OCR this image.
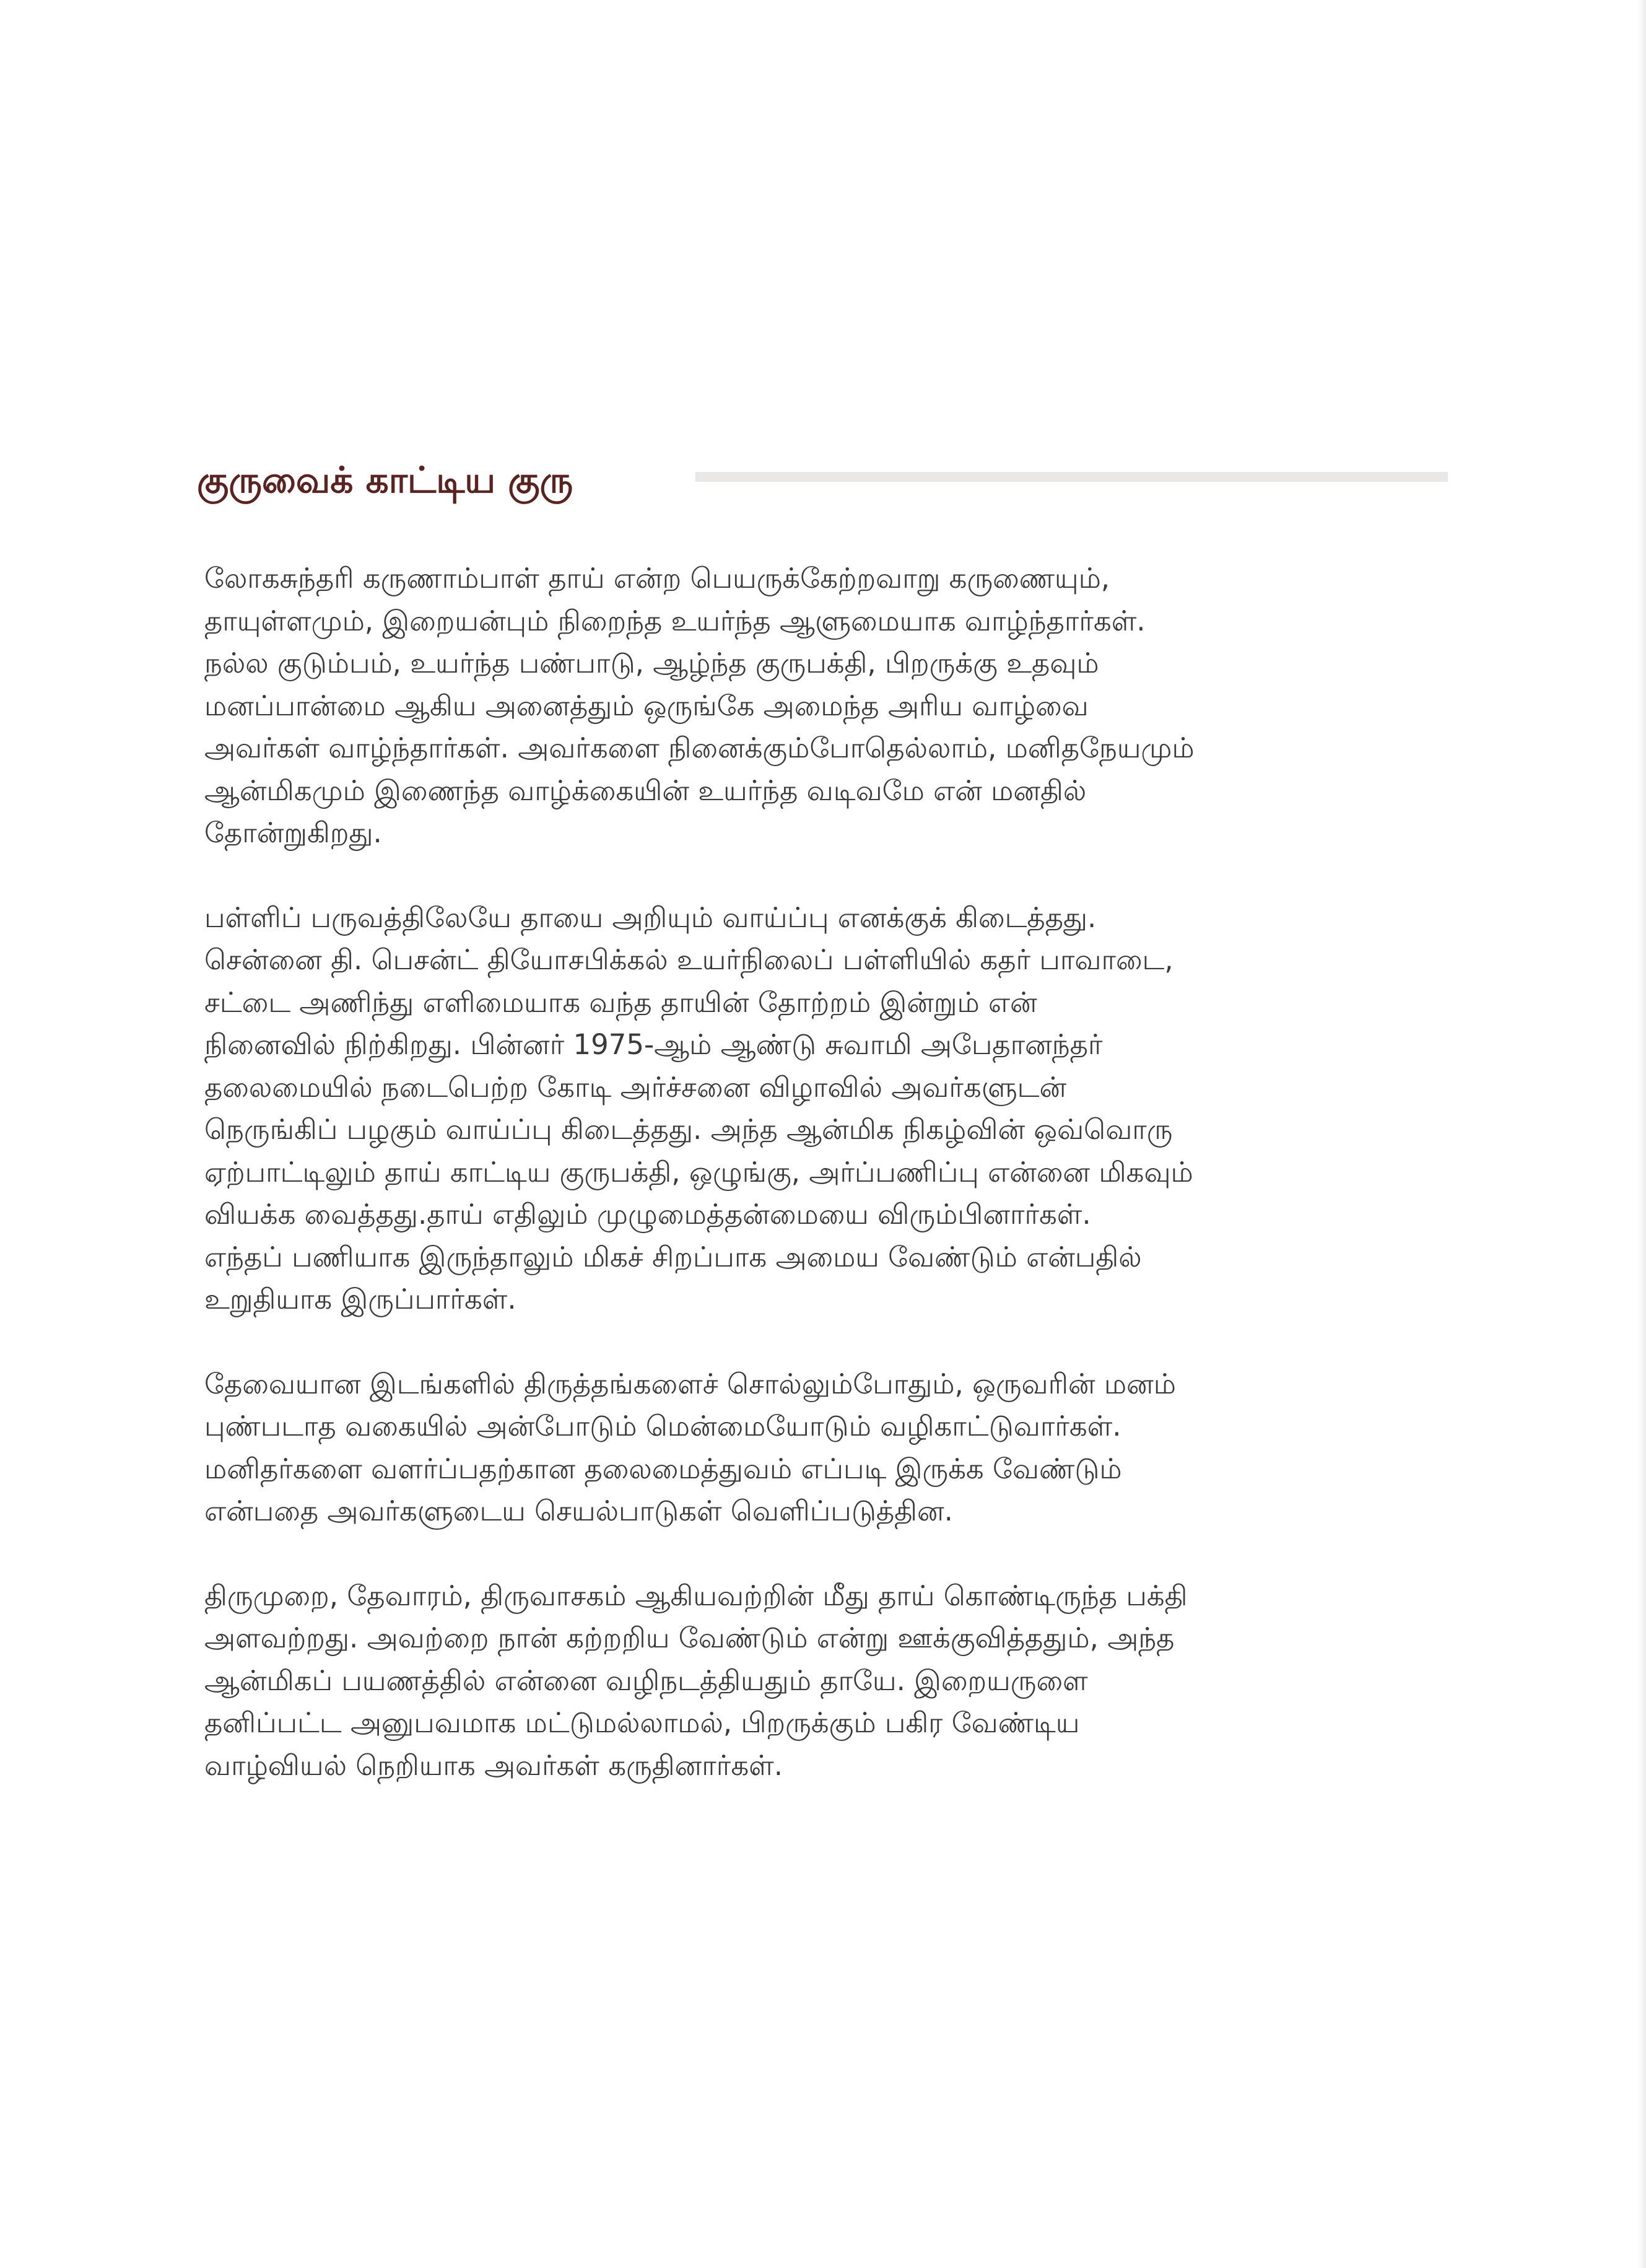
குருவைக் காட்டிய குரு

லோகசுந்தரி கருணாம்பாள் தாய் என்ற பெயருக்கேற்றவாறு கருணையும்,
தாயுள்ளமும், இறையன்பும் நிறைந்த உயர்ந்த ஆளுமையாக வாழ்ந்தார்கள்.
நல்ல குடும்பம், உயர்ந்த பண்பாடு, ஆழ்ந்த குருபக்தி, பிறருக்கு உதவும்
மனப்பான்மை ஆகிய அனைத்தும் ஒருங்கே அமைந்த அரிய வாழ்வை
அவர்கள் வாழ்ந்தார்கள். அவர்களை நினைக்கும்போதெல்லாம், மனிதநேயமும்
ஆன்மிகமும் இணைந்த வாழ்க்கையின் உயர்ந்த வடிவமே என் மனதில்
தோன்றுகிறது.

பள்ளிப் பருவத்திலேயே தாயை அறியும் வாய்ப்பு எனக்குக் கிடைத்தது.
சென்னை தி. பெசன்ட் தியோசபிக்கல் உயர்நிலைப் பள்ளியில் கதர் பாவாடை,
சட்டை அணிந்து எளிமையாக வந்த தாயின் தோற்றம் இன்றும் என்
நினைவில் நிற்கிறது. பின்னர் 1975-ஆம் ஆண்டு சுவாமி அபேதானந்தர்
தலைமையில் நடைபெற்ற கோடி அர்ச்சனை விழாவில் அவர்களுடன்
நெருங்கிப் பழகும் வாய்ப்பு கிடைத்தது. அந்த ஆன்மிக நிகழ்வின் ஒவ்வொரு
ஏற்பாட்டிலும் தாய் காட்டிய குருபக்தி, ஒழுங்கு, அர்ப்பணிப்பு என்னை மிகவும்
வியக்க வைத்தது.தாய் எதிலும் முழுமைத்தன்மையை விரும்பினார்கள்.
எந்தப் பணியாக இருந்தாலும் மிகச் சிறப்பாக அமைய வேண்டும் என்பதில்
உறுதியாக இருப்பார்கள்.

தேவையான இடங்களில் திருத்தங்களைச் சொல்லும்போதும், ஒருவரின் மனம்
புண்படாத வகையில் அன்போடும் மென்மையோடும் வழிகாட்டுவார்கள்.
மனிதர்களை வளர்ப்பதற்கான தலைமைத்துவம் எப்படி இருக்க வேண்டும்
என்பதை அவர்களுடைய செயல்பாடுகள் வெளிப்படுத்தின.

திருமுறை, தேவாரம், திருவாசகம் ஆகியவற்றின் மீது தாய் கொண்டிருந்த பக்தி
அளவற்றது. அவற்றை நான் கற்றறிய வேண்டும் என்று ஊக்குவித்ததும், அந்த
ஆன்மிகப் பயணத்தில் என்னை வழிநடத்தியதும் தாயே. இறையருளை
தனிப்பட்ட அனுபவமாக மட்டுமல்லாமல், பிறருக்கும் பகிர வேண்டிய
வாழ்வியல் நெறியாக அவர்கள் கருதினார்கள்.
